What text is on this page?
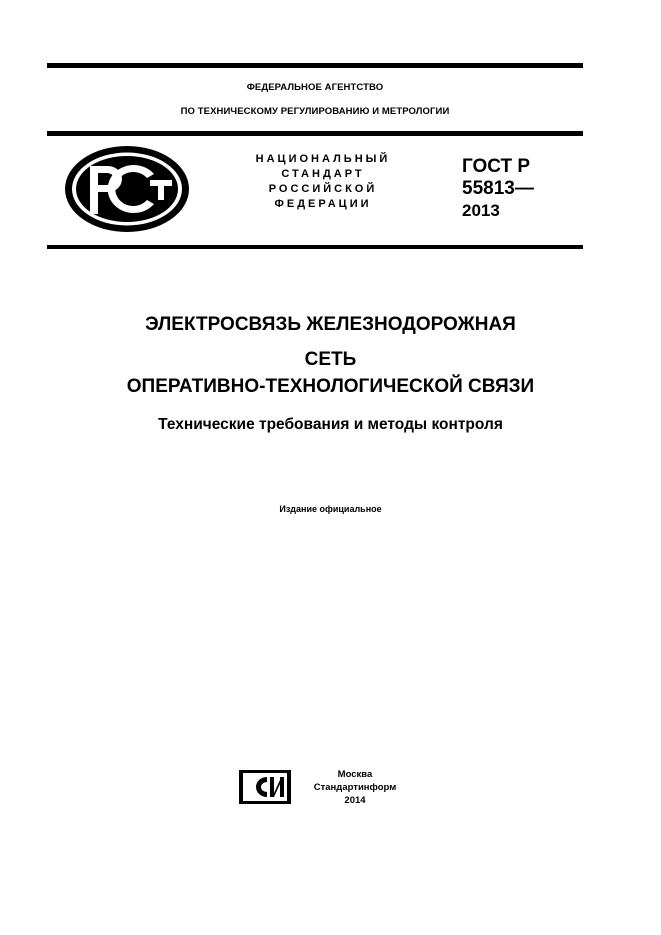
ФЕДЕРАЛЬНОЕ АГЕНТСТВО
ПО ТЕХНИЧЕСКОМУ РЕГУЛИРОВАНИЮ И МЕТРОЛОГИИ
НАЦИОНАЛЬНЫЙ
СТАНДАРТ
РОССИЙСКОЙ
ФЕДЕРАЦИИ
ГОСТ Р
55813—
2013
ЭЛЕКТРОСВЯЗЬ ЖЕЛЕЗНОДОРОЖНАЯ
СЕТЬ
ОПЕРАТИВНО-ТЕХНОЛОГИЧЕСКОЙ СВЯЗИ
Технические требования и методы контроля
Издание официальное
Москва
Стандартинформ
2014
